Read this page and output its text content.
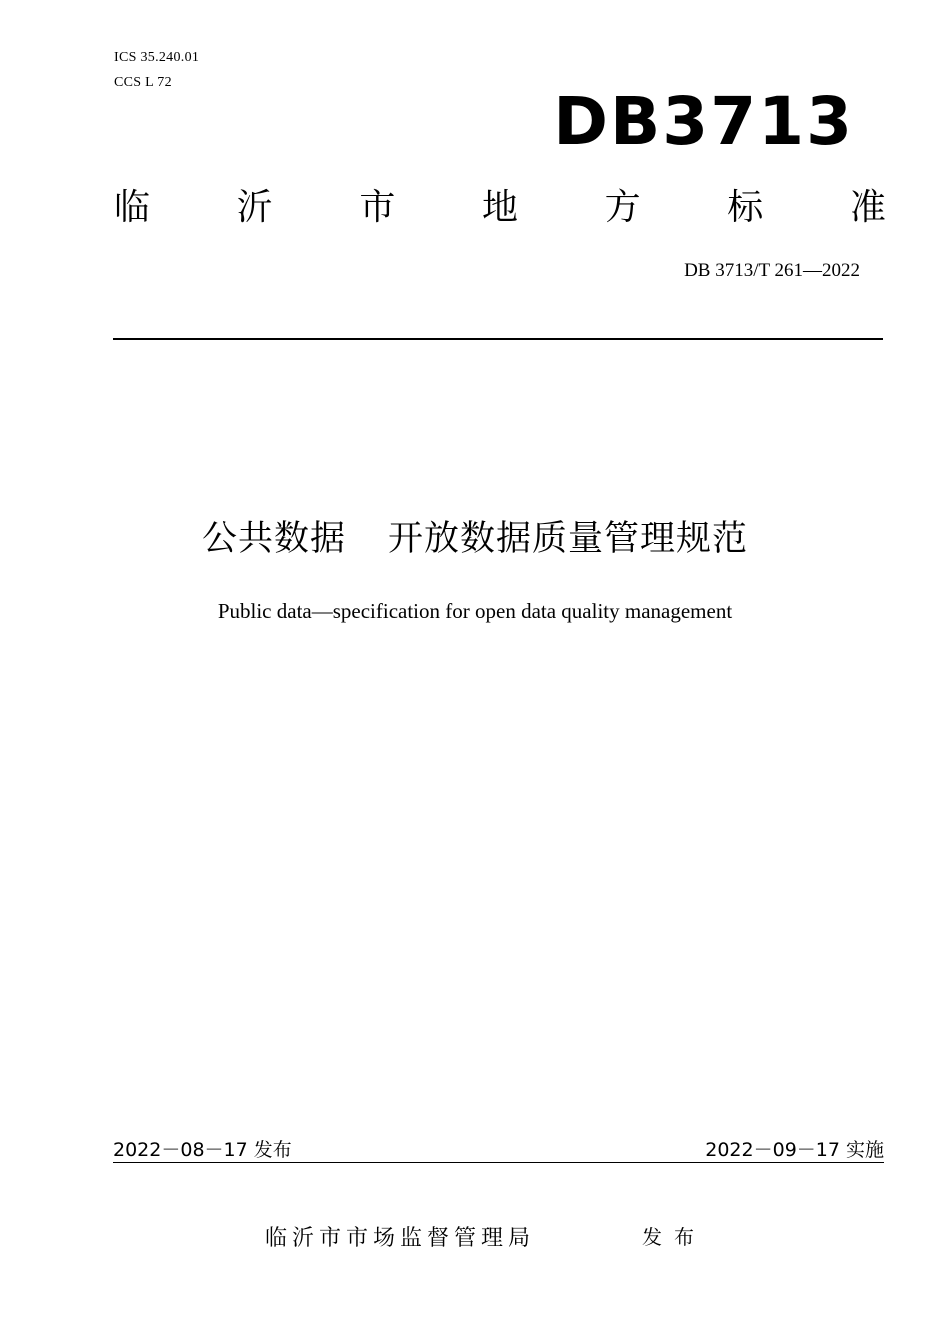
ICS 35.240.01
CCS L 72
DB3713
临 沂 市 地 方 标 准
DB 3713/T 261—2022
公共数据 开放数据质量管理规范
Public data—specification for open data quality management
2022－08－17 发布	2022－09－17 实施
临沂市市场监督管理局	发布
